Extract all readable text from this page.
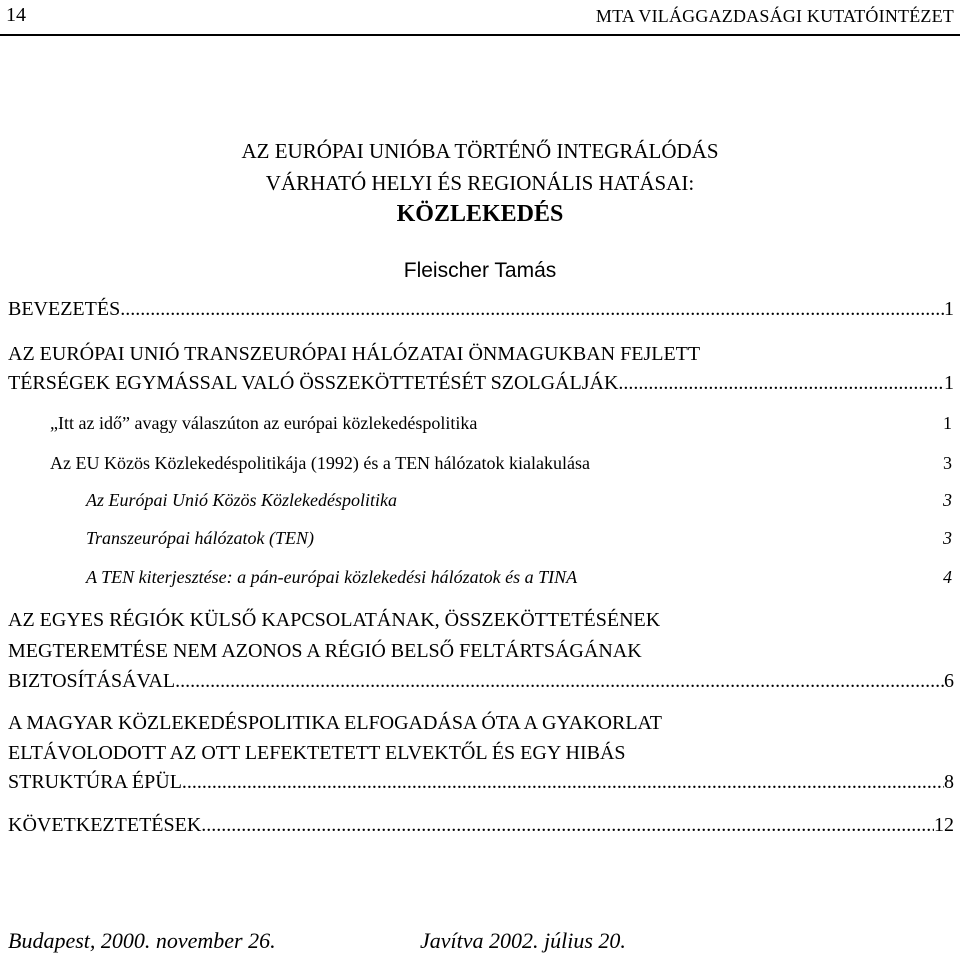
14	MTA VILÁGGAZDASÁGI KUTATÓINTÉZET
AZ EURÓPAI UNIÓBA TÖRTÉNŐ INTEGRÁLÓDÁS
VÁRHATÓ HELYI ÉS REGIONÁLIS HATÁSAI:
KÖZLEKEDÉS
Fleischer Tamás
BEVEZETÉS .....	1
AZ EURÓPAI UNIÓ TRANSZEURÓPAI HÁLÓZATAI ÖNMAGUKBAN FEJLETT
TÉRSÉGEK EGYMÁSSAL VALÓ ÖSSZEKÖTTETÉSÉT SZOLGÁLJÁK .....	1
„Itt az idő” avagy válaszúton az európai közlekedéspolitika	1
Az EU Közös Közlekedéspolitikája (1992) és a TEN hálózatok kialakulása	3
Az Európai Unió Közös Közlekedéspolitika	3
Transzeurópai hálózatok (TEN)	3
A TEN kiterjesztése: a pán-európai közlekedési hálózatok és a TINA	4
AZ EGYES RÉGIÓK KÜLSŐ KAPCSOLATÁNAK, ÖSSZEKÖTTETÉSÉNEK
MEGTEREMTÉSE NEM AZONOS A RÉGIÓ BELSŐ FELTÁRTSÁGÁNAK
BIZTOSÍTÁSÁVAL .....	6
A MAGYAR KÖZLEKEDÉSPOLITIKA ELFOGADÁSA ÓTA A GYAKORLAT
ELTÁVOLODOTT AZ OTT LEFEKTETETT ELVEKTŐL ÉS EGY HIBÁS
STRUKTÚRA ÉPÜL .....	8
KÖVETKEZTETÉSEK .....	12
Budapest, 2000. november 26.	Javítva 2002. július 20.
